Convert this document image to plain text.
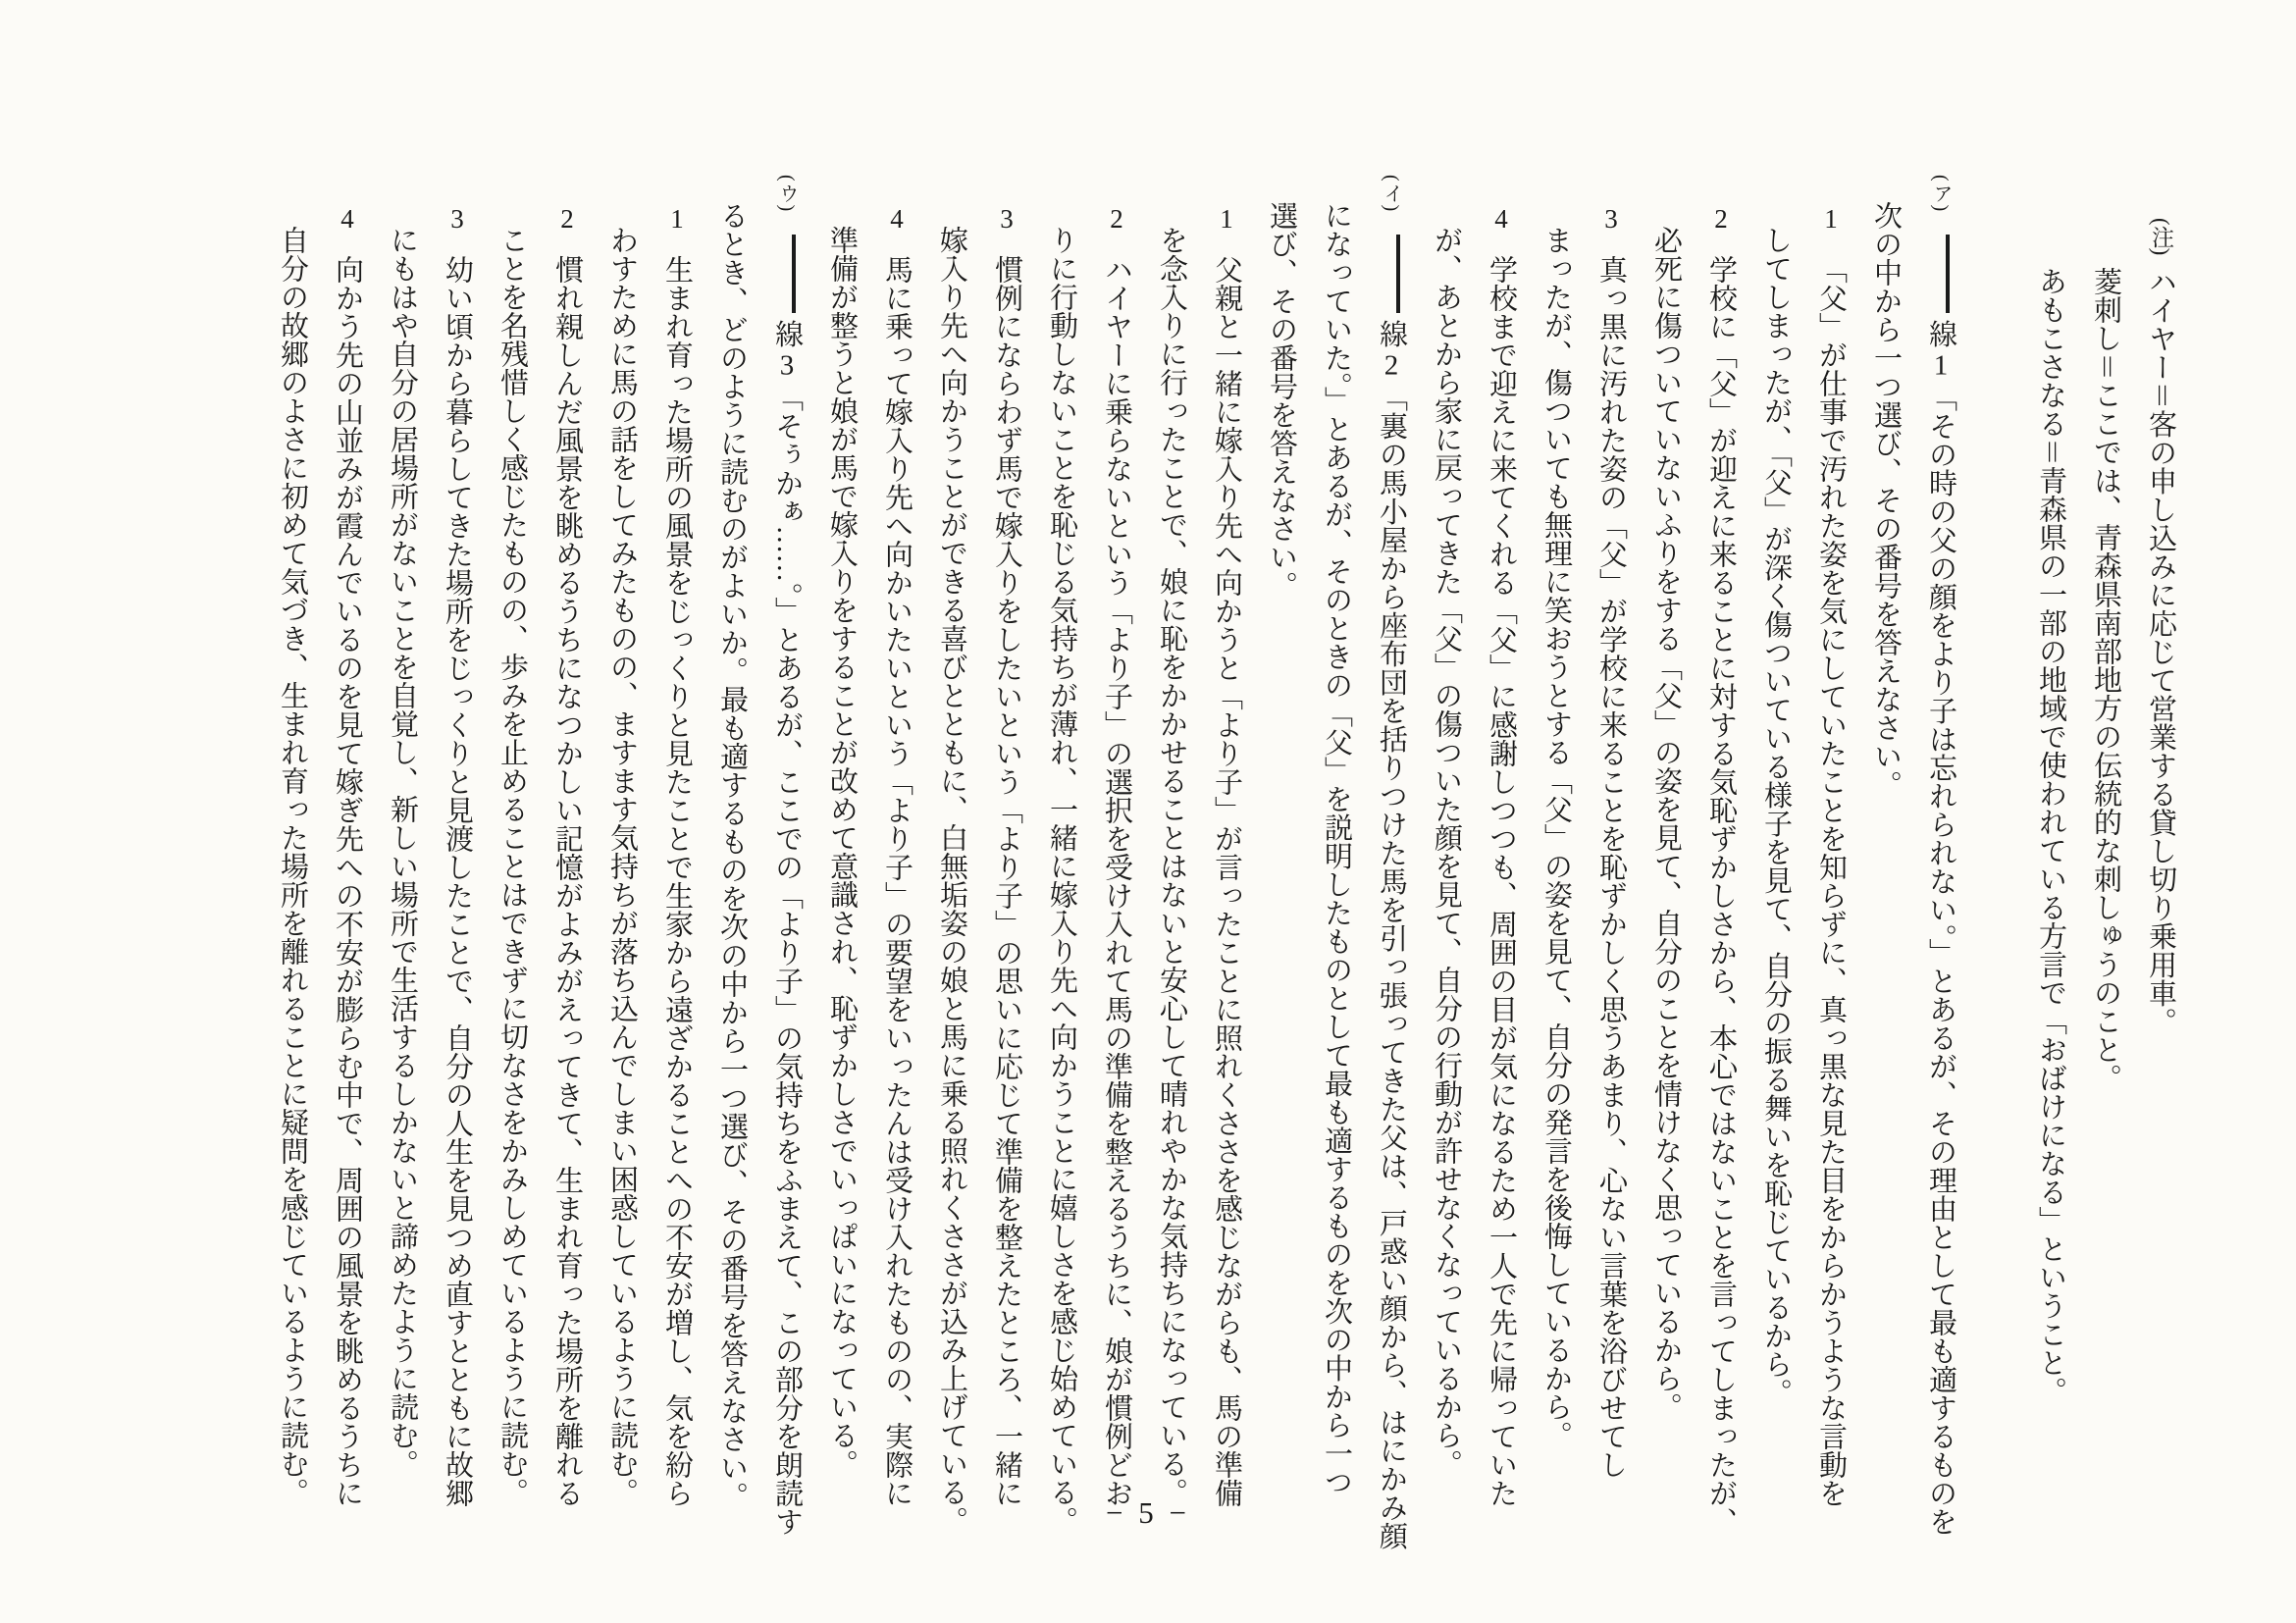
(注)ハイヤー＝客の申し込みに応じて営業する貸し切り乗用車。
菱刺し＝ここでは、青森県南部地方の伝統的な刺しゅうのこと。
あもこさなる＝青森県の一部の地域で使われている方言で「おばけになる」ということ。
(ア)線1「その時の父の顔をより子は忘れられない。」とあるが、その理由として最も適するものを
次の中から一つ選び、その番号を答えなさい。
1「父」が仕事で汚れた姿を気にしていたことを知らずに、真っ黒な見た目をからかうような言動を
してしまったが、「父」が深く傷ついている様子を見て、自分の振る舞いを恥じているから。
2学校に「父」が迎えに来ることに対する気恥ずかしさから、本心ではないことを言ってしまったが、
必死に傷ついていないふりをする「父」の姿を見て、自分のことを情けなく思っているから。
3真っ黒に汚れた姿の「父」が学校に来ることを恥ずかしく思うあまり、心ない言葉を浴びせてし
まったが、傷ついても無理に笑おうとする「父」の姿を見て、自分の発言を後悔しているから。
4学校まで迎えに来てくれる「父」に感謝しつつも、周囲の目が気になるため一人で先に帰っていた
が、あとから家に戻ってきた「父」の傷ついた顔を見て、自分の行動が許せなくなっているから。
(イ)線2「裏の馬小屋から座布団を括りつけた馬を引っ張ってきた父は、戸惑い顔から、はにかみ顔
になっていた。」とあるが、そのときの「父」を説明したものとして最も適するものを次の中から一つ
選び、その番号を答えなさい。
1父親と一緒に嫁入り先へ向かうと「より子」が言ったことに照れくささを感じながらも、馬の準備
を念入りに行ったことで、娘に恥をかかせることはないと安心して晴れやかな気持ちになっている。
2ハイヤーに乗らないという「より子」の選択を受け入れて馬の準備を整えるうちに、娘が慣例どお
りに行動しないことを恥じる気持ちが薄れ、一緒に嫁入り先へ向かうことに嬉しさを感じ始めている。
3慣例にならわず馬で嫁入りをしたいという「より子」の思いに応じて準備を整えたところ、一緒に
嫁入り先へ向かうことができる喜びとともに、白無垢姿の娘と馬に乗る照れくささが込み上げている。
4馬に乗って嫁入り先へ向かいたいという「より子」の要望をいったんは受け入れたものの、実際に
準備が整うと娘が馬で嫁入りをすることが改めて意識され、恥ずかしさでいっぱいになっている。
(ウ)線3「そぅかぁ……。」とあるが、ここでの「より子」の気持ちをふまえて、この部分を朗読す
るとき、どのように読むのがよいか。最も適するものを次の中から一つ選び、その番号を答えなさい。
1生まれ育った場所の風景をじっくりと見たことで生家から遠ざかることへの不安が増し、気を紛ら
わすために馬の話をしてみたものの、ますます気持ちが落ち込んでしまい困惑しているように読む。
2慣れ親しんだ風景を眺めるうちになつかしい記憶がよみがえってきて、生まれ育った場所を離れる
ことを名残惜しく感じたものの、歩みを止めることはできずに切なさをかみしめているように読む。
3幼い頃から暮らしてきた場所をじっくりと見渡したことで、自分の人生を見つめ直すとともに故郷
にもはや自分の居場所がないことを自覚し、新しい場所で生活するしかないと諦めたように読む。
4向かう先の山並みが霞んでいるのを見て嫁ぎ先への不安が膨らむ中で、周囲の風景を眺めるうちに
自分の故郷のよさに初めて気づき、生まれ育った場所を離れることに疑問を感じているように読む。
− 5 −
